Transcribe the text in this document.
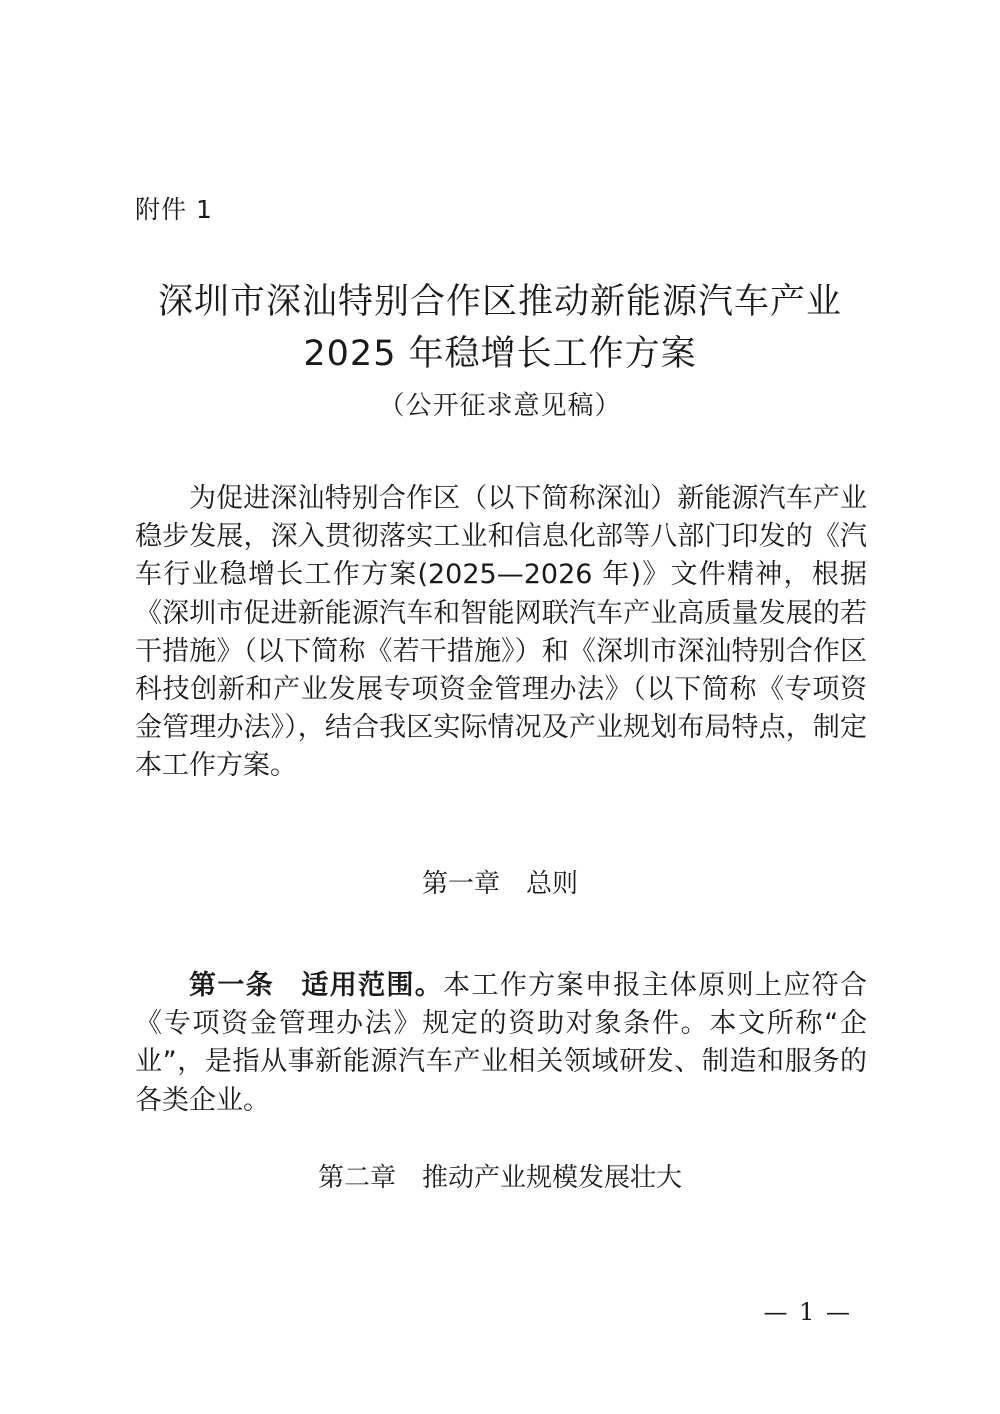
附件 1
深圳市深汕特别合作区推动新能源汽车产业
2025 年稳增长工作方案
（公开征求意见稿）
为促进深汕特别合作区（以下简称深汕）新能源汽车产业稳步发展，深入贯彻落实工业和信息化部等八部门印发的《汽车行业稳增长工作方案(2025—2026 年)》文件精神，根据《深圳市促进新能源汽车和智能网联汽车产业高质量发展的若干措施》（以下简称《若干措施》）和《深圳市深汕特别合作区科技创新和产业发展专项资金管理办法》（以下简称《专项资金管理办法》），结合我区实际情况及产业规划布局特点，制定本工作方案。
第一章 总则
第一条 适用范围。本工作方案申报主体原则上应符合《专项资金管理办法》规定的资助对象条件。本文所称“企业”，是指从事新能源汽车产业相关领域研发、制造和服务的各类企业。
第二章 推动产业规模发展壮大
— 1 —
